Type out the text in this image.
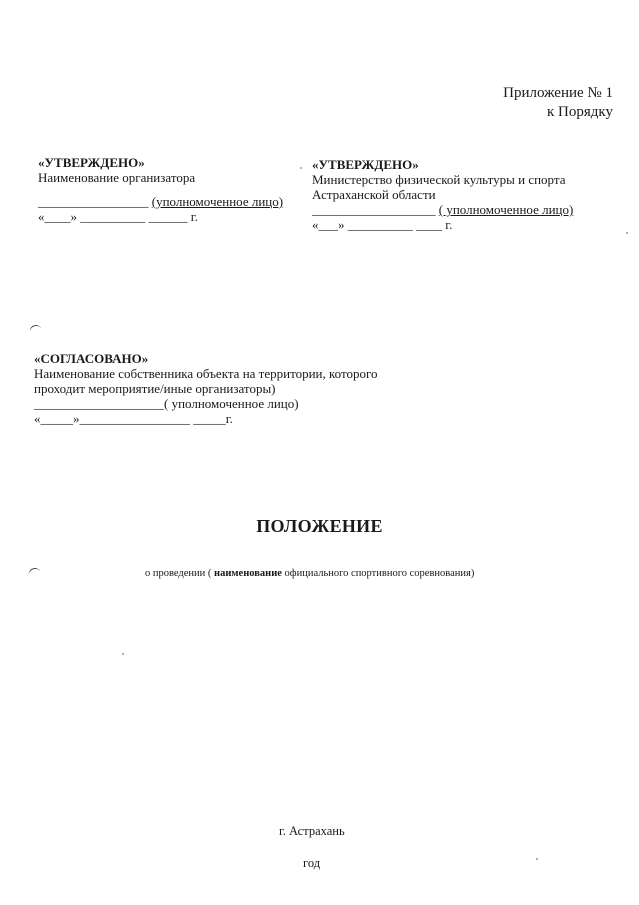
Приложение № 1
к Порядку
«УТВЕРЖДЕНО»
Наименование организатора
_________________ (уполномоченное лицо)
«____» __________ ______ г.
«УТВЕРЖДЕНО»
Министерство физической культуры и спорта
Астраханской области
___________________ ( уполномоченное лицо)
«___» __________ ____ г.
«СОГЛАСОВАНО»
Наименование собственника объекта на территории, которого
проходит мероприятие/иные организаторы)
____________________( уполномоченное лицо)
«_____»_________________ _____г.
ПОЛОЖЕНИЕ
о проведении ( наименование официального спортивного соревнования)
г. Астрахань
год
